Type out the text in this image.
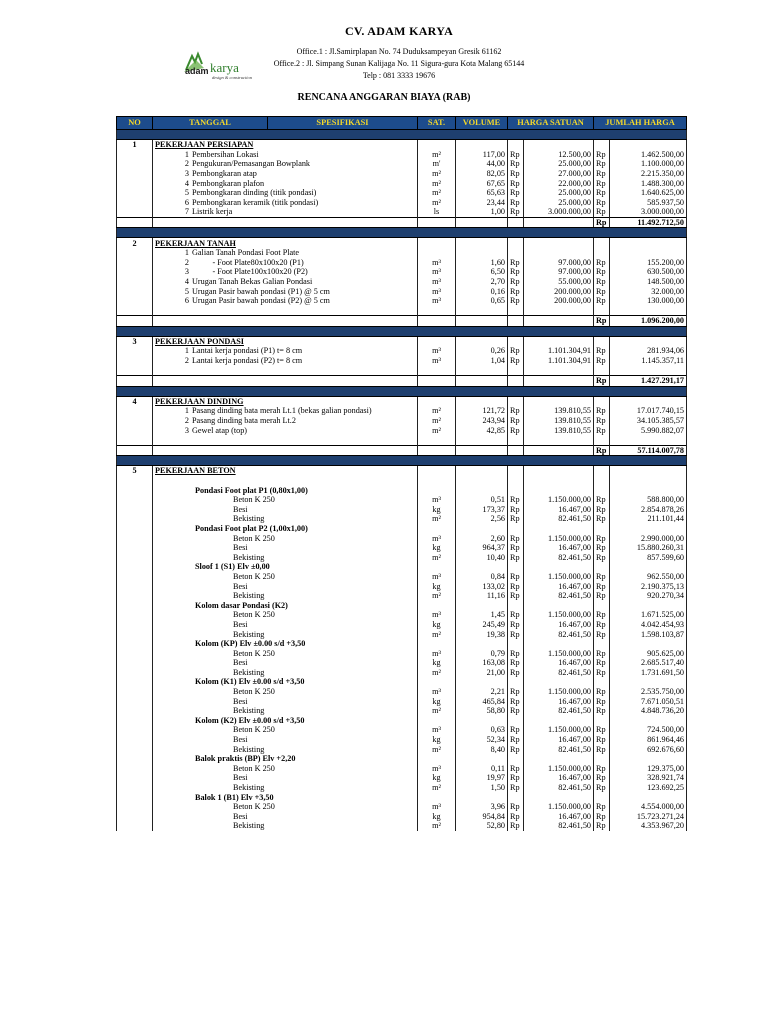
adam karya
design & construction
CV. ADAM KARYA
Office.1 : Jl.Samirplapan No. 74 Duduksampeyan Gresik 61162
Office.2 : Jl. Simpang Sunan Kalijaga No. 11 Sigura-gura Kota Malang 65144
Telp : 081 3333 19676
RENCANA ANGGARAN BIAYA (RAB)
NO	TANGGAL	SPESIFIKASI	SAT.	VOLUME	HARGA SATUAN		JUMLAH HARGA	

1	PEKERJAAN PERSIAPAN							
	1 Pembersihan Lokasi		m²	117,00	Rp	12.500,00	Rp	1.462.500,00
	2 Pengukuran/Pemasangan Bowplank		m'	44,00	Rp	25.000,00	Rp	1.100.000,00
	3 Pembongkaran atap		m²	82,05	Rp	27.000,00	Rp	2.215.350,00
	4 Pembongkaran plafon		m²	67,65	Rp	22.000,00	Rp	1.488.300,00
	5 Pembongkaran dinding (titik pondasi)		m²	65,63	Rp	25.000,00	Rp	1.640.625,00
	6 Pembongkaran keramik (titik pondasi)		m²	23,44	Rp	25.000,00	Rp	585.937,50
	7 Listrik kerja		ls	1,00	Rp	3.000.000,00	Rp	3.000.000,00
							Rp	11.492.712,50

2	PEKERJAAN TANAH							
	1 Galian Tanah Pondasi Foot Plate							
	2          - Foot Plate80x100x20 (P1)		m³	1,60	Rp	97.000,00	Rp	155.200,00
	3          - Foot Plate100x100x20 (P2)		m³	6,50	Rp	97.000,00	Rp	630.500,00
	4 Urugan Tanah Bekas Galian Pondasi		m³	2,70	Rp	55.000,00	Rp	148.500,00
	5 Urugan Pasir bawah pondasi (P1) @ 5 cm		m³	0,16	Rp	200.000,00	Rp	32.000,00
	6 Urugan Pasir bawah pondasi (P2) @ 5 cm		m³	0,65	Rp	200.000,00	Rp	130.000,00

							Rp	1.096.200,00

3	PEKERJAAN PONDASI							
	1 Lantai kerja pondasi (P1) t= 8 cm		m³	0,26	Rp	1.101.304,91	Rp	281.934,06
	2 Lantai kerja pondasi (P2) t= 8 cm		m³	1,04	Rp	1.101.304,91	Rp	1.145.357,11

							Rp	1.427.291,17

4	PEKERJAAN DINDING							
	1 Pasang dinding bata merah Lt.1 (bekas galian pondasi)		m²	121,72	Rp	139.810,55	Rp	17.017.740,15
	2 Pasang dinding bata merah Lt.2		m²	243,94	Rp	139.810,55	Rp	34.105.385,57
	3 Gewel atap (top)		m²	42,85	Rp	139.810,55	Rp	5.990.882,07

							Rp	57.114.007,78

5	PEKERJAAN BETON							

	Pondasi Foot plat P1 (0,80x1,00)							
	Beton K 250		m³	0,51	Rp	1.150.000,00	Rp	588.800,00
	Besi		kg	173,37	Rp	16.467,00	Rp	2.854.878,26
	Bekisting		m²	2,56	Rp	82.461,50	Rp	211.101,44
	Pondasi Foot plat P2 (1,00x1,00)							
	Beton K 250		m³	2,60	Rp	1.150.000,00	Rp	2.990.000,00
	Besi		kg	964,37	Rp	16.467,00	Rp	15.880.260,31
	Bekisting		m²	10,40	Rp	82.461,50	Rp	857.599,60
	Sloof 1 (S1) Elv ±0,00							
	Beton K 250		m³	0,84	Rp	1.150.000,00	Rp	962.550,00
	Besi		kg	133,02	Rp	16.467,00	Rp	2.190.375,13
	Bekisting		m²	11,16	Rp	82.461,50	Rp	920.270,34
	Kolom dasar Pondasi (K2)							
	Beton K 250		m³	1,45	Rp	1.150.000,00	Rp	1.671.525,00
	Besi		kg	245,49	Rp	16.467,00	Rp	4.042.454,93
	Bekisting		m²	19,38	Rp	82.461,50	Rp	1.598.103,87
	Kolom (KP) Elv ±0.00 s/d +3,50							
	Beton K 250		m³	0,79	Rp	1.150.000,00	Rp	905.625,00
	Besi		kg	163,08	Rp	16.467,00	Rp	2.685.517,40
	Bekisting		m²	21,00	Rp	82.461,50	Rp	1.731.691,50
	Kolom (K1) Elv ±0.00 s/d +3,50							
	Beton K 250		m³	2,21	Rp	1.150.000,00	Rp	2.535.750,00
	Besi		kg	465,84	Rp	16.467,00	Rp	7.671.050,51
	Bekisting		m²	58,80	Rp	82.461,50	Rp	4.848.736,20
	Kolom (K2) Elv ±0.00 s/d +3,50							
	Beton K 250		m³	0,63	Rp	1.150.000,00	Rp	724.500,00
	Besi		kg	52,34	Rp	16.467,00	Rp	861.964,46
	Bekisting		m²	8,40	Rp	82.461,50	Rp	692.676,60
	Balok praktis (BP) Elv +2,20							
	Beton K 250		m³	0,11	Rp	1.150.000,00	Rp	129.375,00
	Besi		kg	19,97	Rp	16.467,00	Rp	328.921,74
	Bekisting		m²	1,50	Rp	82.461,50	Rp	123.692,25
	Balok 1 (B1) Elv +3,50							
	Beton K 250		m³	3,96	Rp	1.150.000,00	Rp	4.554.000,00
	Besi		kg	954,84	Rp	16.467,00	Rp	15.723.271,24
	Bekisting		m²	52,80	Rp	82.461,50	Rp	4.353.967,20
